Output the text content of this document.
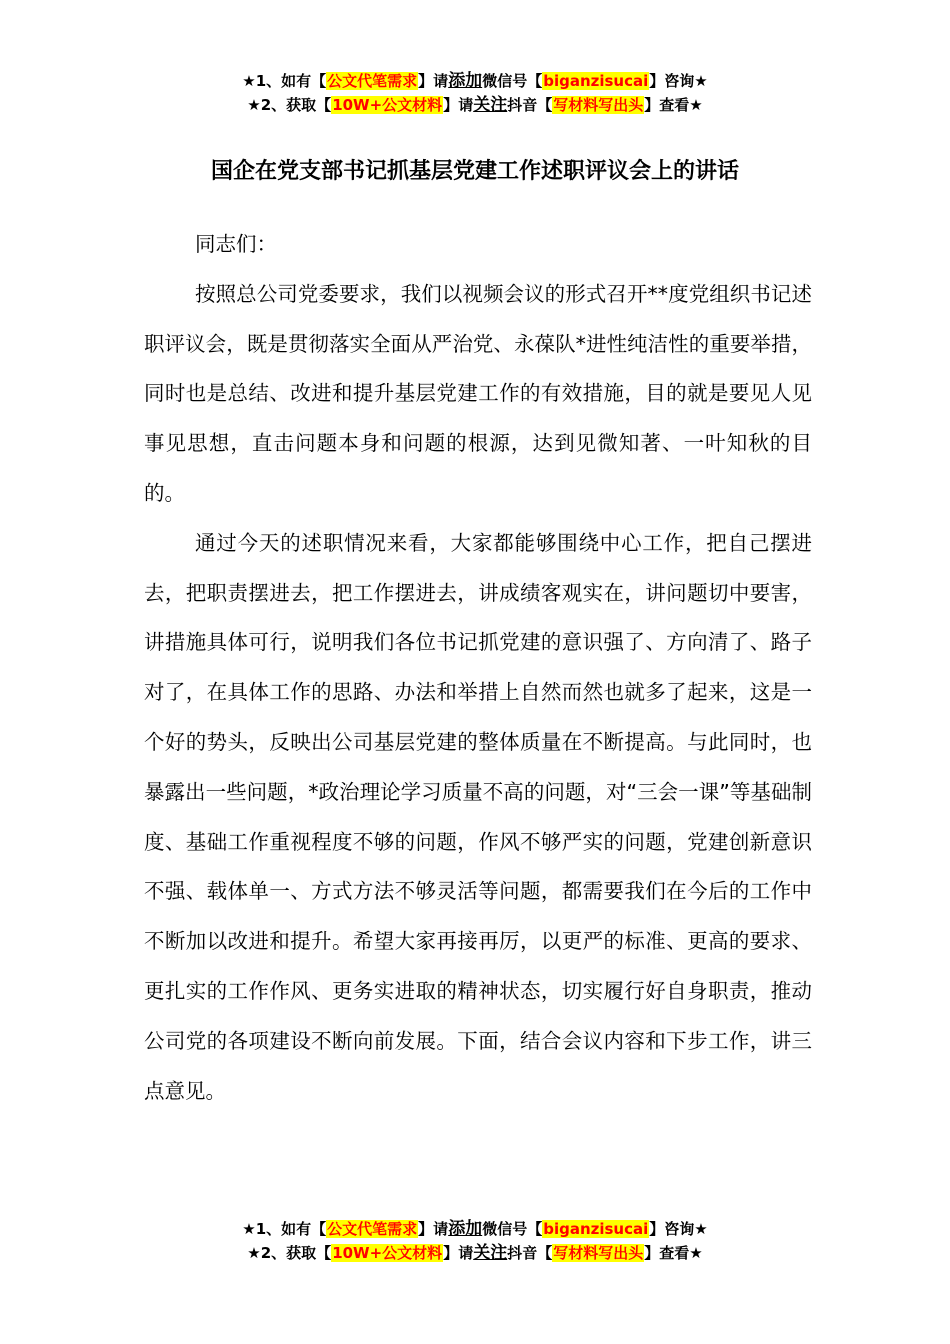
★1、如有【公文代笔需求】请添加微信号【biganzisucai】咨询★
★2、获取【10W+公文材料】请关注抖音【写材料写出头】查看★
国企在党支部书记抓基层党建工作述职评议会上的讲话

同志们：

按照总公司党委要求，我们以视频会议的形式召开**度党组织书记述职评议会，既是贯彻落实全面从严治党、永葆队*进性纯洁性的重要举措，同时也是总结、改进和提升基层党建工作的有效措施，目的就是要见人见事见思想，直击问题本身和问题的根源，达到见微知著、一叶知秋的目的。

通过今天的述职情况来看，大家都能够围绕中心工作，把自己摆进去，把职责摆进去，把工作摆进去，讲成绩客观实在，讲问题切中要害，讲措施具体可行，说明我们各位书记抓党建的意识强了、方向清了、路子对了，在具体工作的思路、办法和举措上自然而然也就多了起来，这是一个好的势头，反映出公司基层党建的整体质量在不断提高。与此同时，也暴露出一些问题，*政治理论学习质量不高的问题，对“三会一课”等基础制度、基础工作重视程度不够的问题，作风不够严实的问题，党建创新意识不强、载体单一、方式方法不够灵活等问题，都需要我们在今后的工作中不断加以改进和提升。希望大家再接再厉，以更严的标准、更高的要求、更扎实的工作作风、更务实进取的精神状态，切实履行好自身职责，推动公司党的各项建设不断向前发展。下面，结合会议内容和下步工作，讲三点意见。

★1、如有【公文代笔需求】请添加微信号【biganzisucai】咨询★
★2、获取【10W+公文材料】请关注抖音【写材料写出头】查看★
